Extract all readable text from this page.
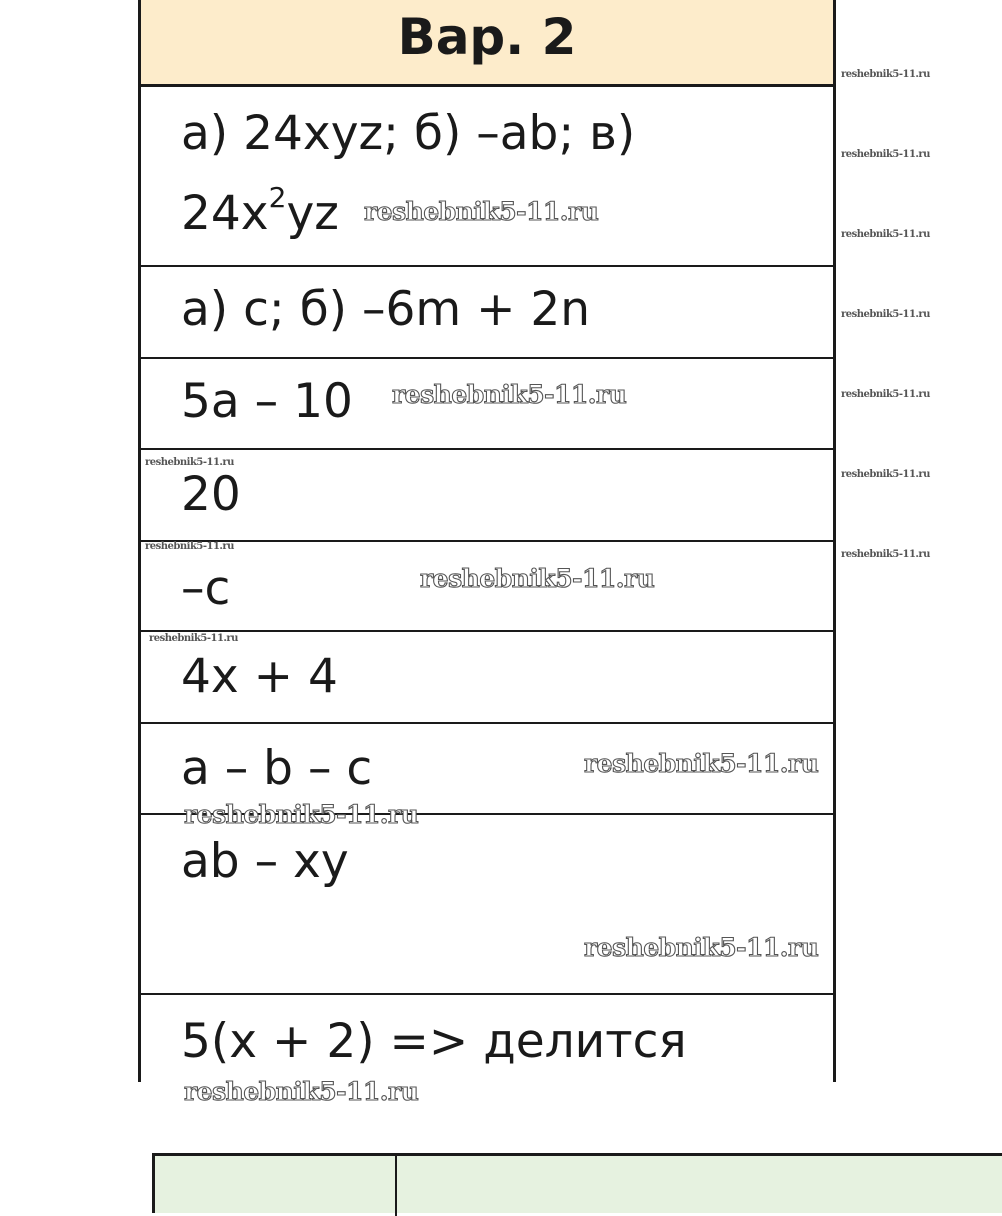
Вар. 2
а) 24xyz; б) –ab; в)
$24x^2yz$
а) с; б) –6m + 2n
5a – 10
20
–c
4x + 4
a – b – c
ab – xy
5(x + 2) => делится
reshebnik5-11.ru
reshebnik5-11.ru
reshebnik5-11.ru
reshebnik5-11.ru
reshebnik5-11.ru
reshebnik5-11.ru
reshebnik5-11.ru
reshebnik5-11.ru
reshebnik5-11.ru
reshebnik5-11.ru
reshebnik5-11.ru
reshebnik5-11.ru
reshebnik5-11.ru
reshebnik5-11.ru
reshebnik5-11.ru
reshebnik5-11.ru
reshebnik5-11.ru
